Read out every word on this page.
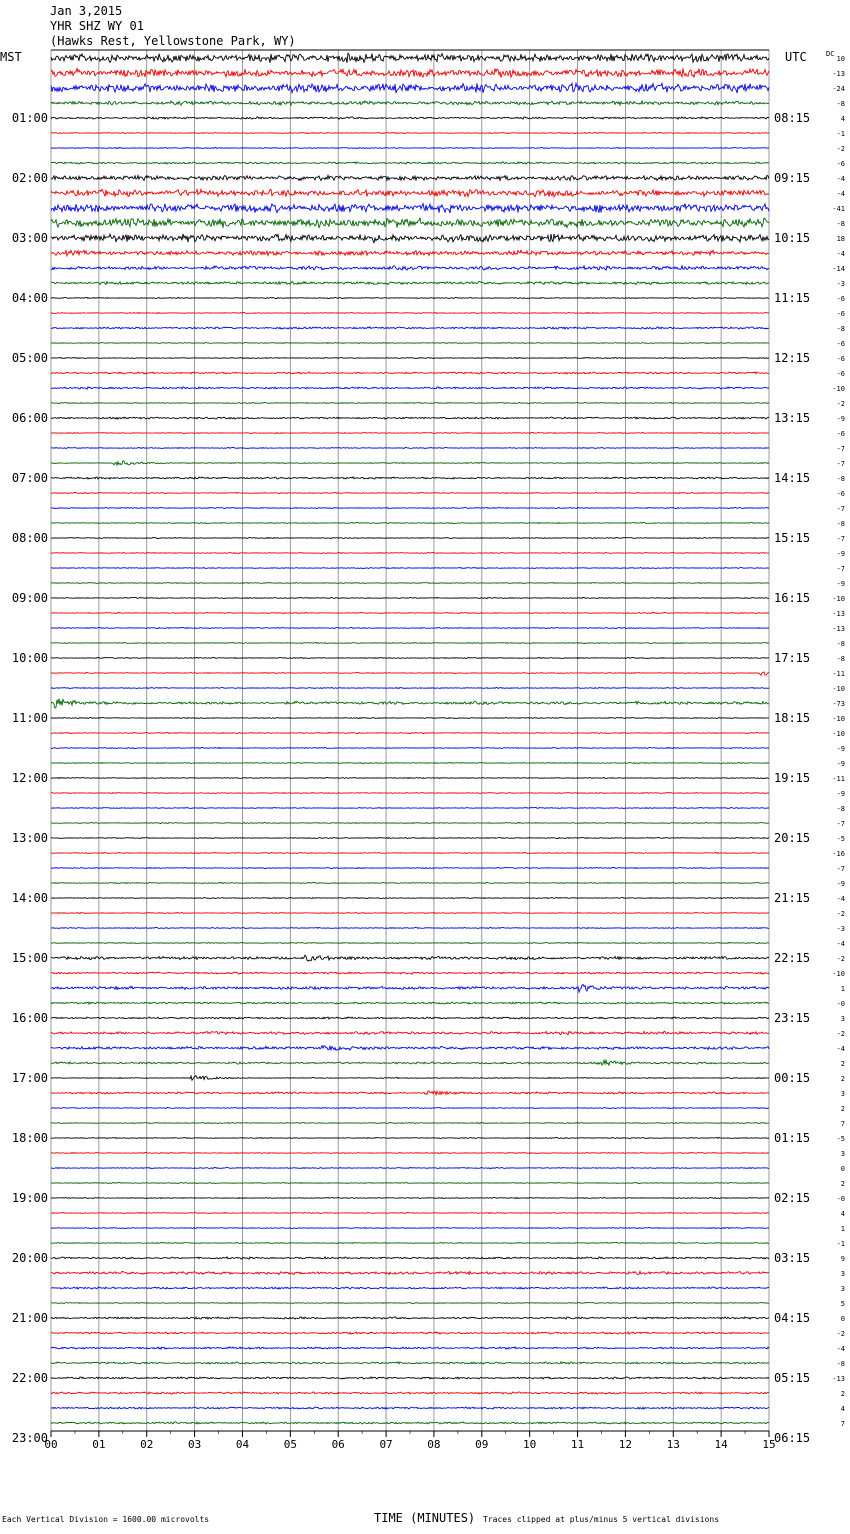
Jan 3,2015
YHR SHZ WY 01
(Hawks Rest, Yellowstone Park, WY)
MST	UTC	DC
00	01	02	03	04	05	06	07	08	09	10	11	12	13	14	15
10
-13
-24
-8
4
-1
-2
-6
-4
-4
-41
-8
18
-4
-14
-3
-6
-6
-8
-6
-6
-6
-10
-2
-9
-6
-7
-7
-8
-6
-7
-8
-7
-9
-7
-9
-10
-13
-13
-8
-8
-11
-10
-73
-10
-10
-9
-9
-11
-9
-8
-7
-5
-16
-7
-9
-4
-2
-3
-4
-2
-10
1
-0
3
-2
-4
2
2
3
2
7
-5
3
0
2
-0
4
1
-1
9
3
3
5
0
-2
-4
-8
-13
2
4
7
01:00	08:15
02:00	09:15
03:00	10:15
04:00	11:15
05:00	12:15
06:00	13:15
07:00	14:15
08:00	15:15
09:00	16:15
10:00	17:15
11:00	18:15
12:00	19:15
13:00	20:15
14:00	21:15
15:00	22:15
16:00	23:15
17:00	00:15
18:00	01:15
19:00	02:15
20:00	03:15
21:00	04:15
22:00	05:15
23:00	06:15
TIME (MINUTES)
Each Vertical Division = 1600.00 microvolts	Traces clipped at plus/minus 5 vertical divisions
